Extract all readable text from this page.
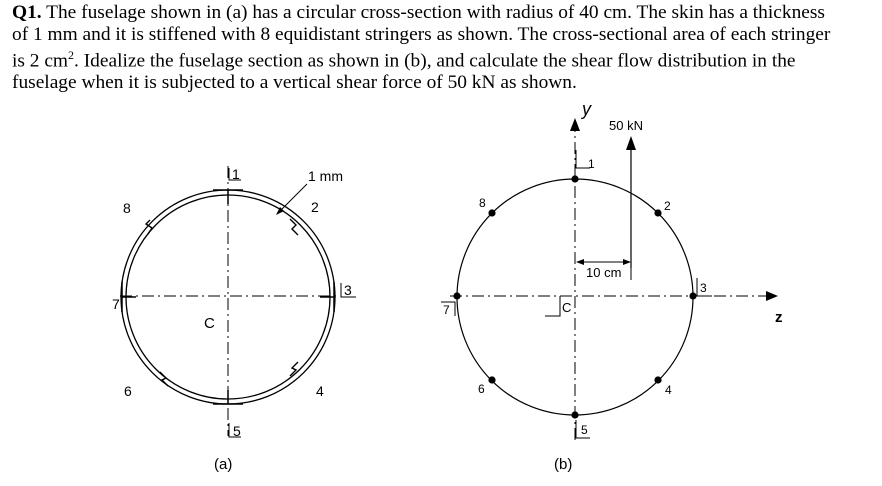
Q1. The fuselage shown in (a) has a circular cross-section with radius of 40 cm. The skin has a thickness
of 1 mm and it is stiffened with 8 equidistant stringers as shown. The cross-sectional area of each stringer
is 2 $cm^2$. Idealize the fuselage section as shown in (b), and calculate the shear flow distribution in the
fuselage when it is subjected to a vertical shear force of 50 kN as shown.
1 mm
1
2
3
4
5
6
7
8
C
(a)
y
z
50 kN
10 cm
C
1
2
3
4
5
6
7
8
(b)
